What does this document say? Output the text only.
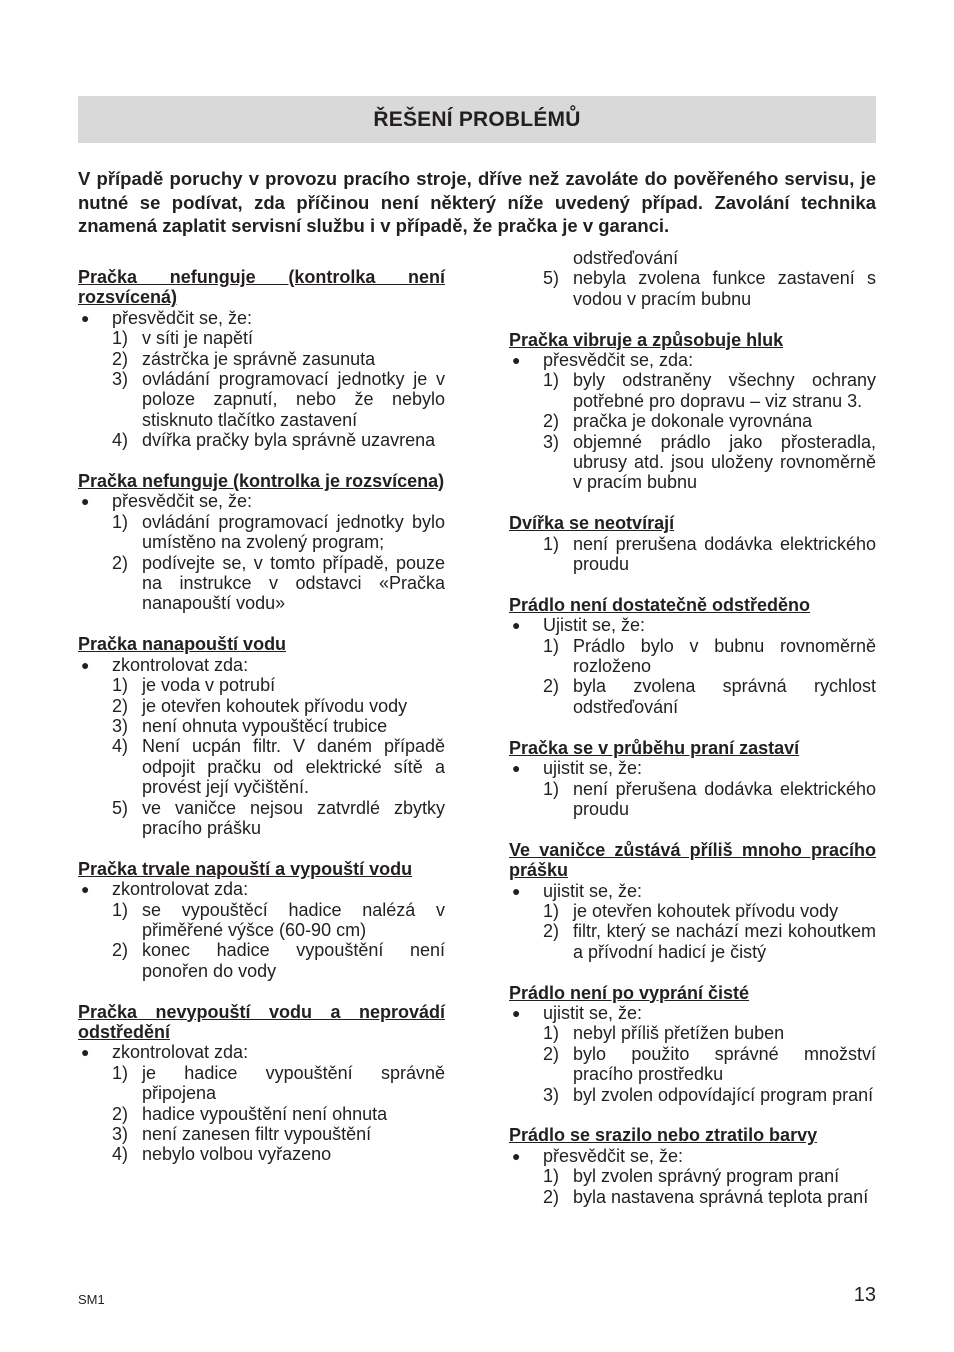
ŘEŠENÍ PROBLÉMŮ
V případě poruchy v provozu pracího stroje, dříve než zavoláte do pověřeného servisu, je nutné se podívat, zda příčinou není některý níže uvedený případ. Zavolání technika znamená zaplatit servisní službu i v případě, že pračka je v garanci.
Pračka nefunguje (kontrolka není rozsvícená)
● přesvědčit se, že:
1) v síti je napětí
2) zástrčka je správně zasunuta
3) ovládání programovací jednotky je v poloze zapnutí, nebo že nebylo stisknuto tlačítko zastavení
4) dvířka pračky byla správně uzavrena
Pračka nefunguje (kontrolka je rozsvícena)
● přesvědčit se, že:
1) ovládání programovací jednotky bylo umístěno na zvolený program;
2) podívejte se, v tomto případě, pouze na instrukce v odstavci «Pračka nanapouští vodu»
Pračka nanapouští vodu
● zkontrolovat zda:
1) je voda v potrubí
2) je otevřen kohoutek přívodu vody
3) není ohnuta vypouštěcí trubice
4) Není ucpán filtr. V daném případě odpojit pračku od elektrické sítě a provést její vyčištění.
5) ve vaničce nejsou zatvrdlé zbytky pracího prášku
Pračka trvale napouští a vypouští vodu
● zkontrolovat zda:
1) se vypouštěcí hadice nalézá v přiměřené výšce (60-90 cm)
2) konec hadice vypouštění není ponořen do vody
Pračka nevypouští vodu a neprovádí odstředění
● zkontrolovat zda:
1) je hadice vypouštění správně připojena
2) hadice vypouštění není ohnuta
3) není zanesen filtr vypouštění
4) nebylo volbou vyřazeno
odstřeďování
5) nebyla zvolena funkce zastavení s vodou v pracím bubnu
Pračka vibruje a způsobuje hluk
● přesvědčit se, zda:
1) byly odstraněny všechny ochrany potřebné pro dopravu – viz stranu 3.
2) pračka je dokonale vyrovnána
3) objemné prádlo jako přosteradla, ubrusy atd. jsou uloženy rovnoměrně v pracím bubnu
Dvířka se neotvírají
1) není prerušena dodávka elektrického proudu
Prádlo není dostatečně odstředěno
● Ujistit se, že:
1) Prádlo bylo v bubnu rovnoměrně rozloženo
2) byla zvolena správná rychlost odstřeďování
Pračka se v průběhu praní zastaví
● ujistit se, že:
1) není přerušena dodávka elektrického proudu
Ve vaničce zůstává příliš mnoho pracího prášku
● ujistit se, že:
1) je otevřen kohoutek přívodu vody
2) filtr, který se nachází mezi kohoutkem a přívodní hadicí je čistý
Prádlo není po vyprání čisté
● ujistit se, že:
1) nebyl příliš přetížen buben
2) bylo použito správné množství pracího prostředku
3) byl zvolen odpovídající program praní
Prádlo se srazilo nebo ztratilo barvy
● přesvědčit se, že:
1) byl zvolen správný program praní
2) byla nastavena správná teplota praní
SM1	13
